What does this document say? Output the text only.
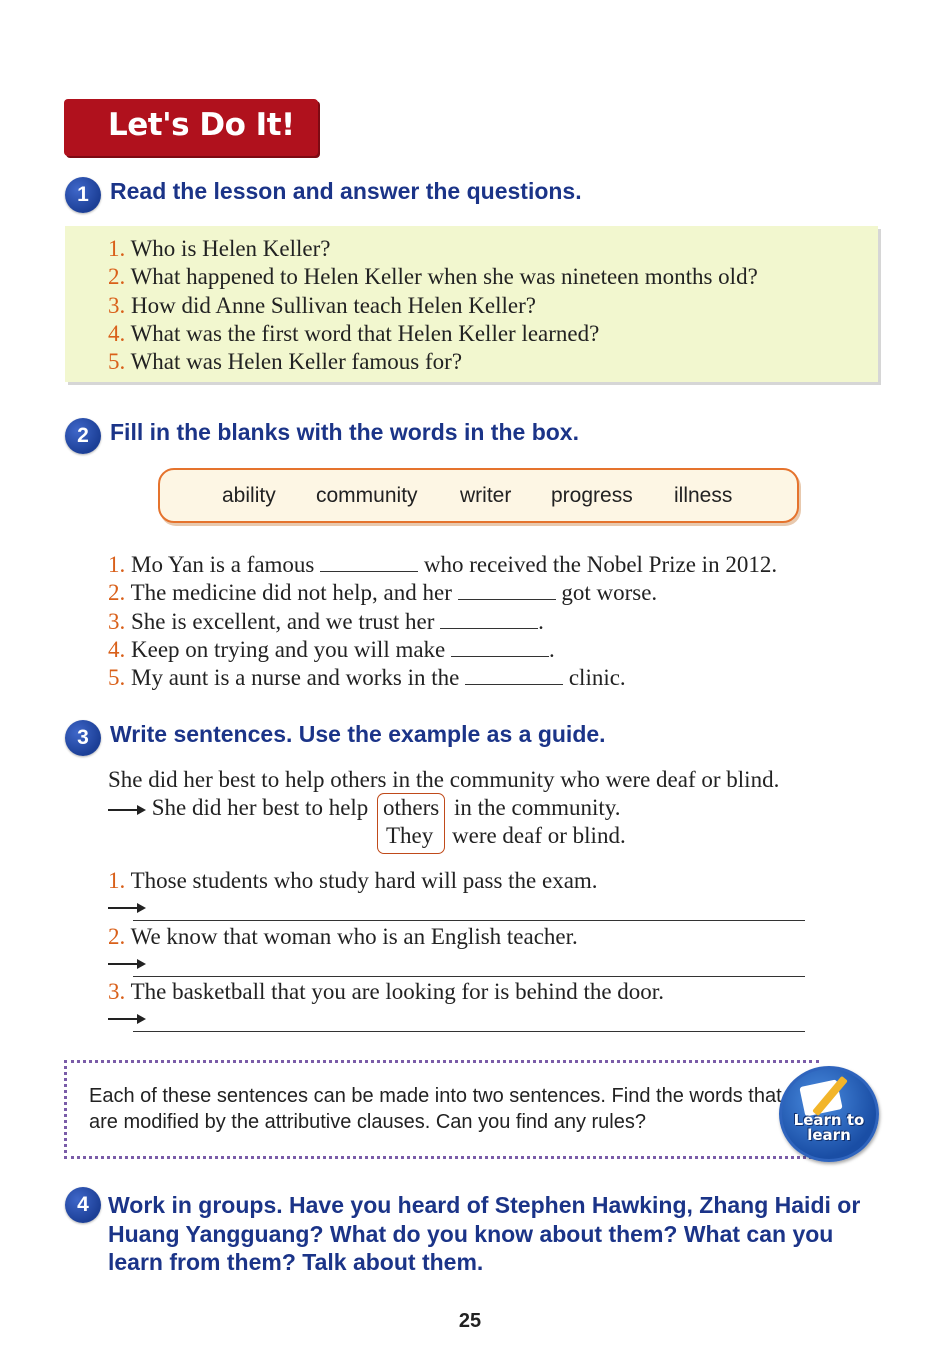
Let's Do It!
1 Read the lesson and answer the questions.
1. Who is Helen Keller?
2. What happened to Helen Keller when she was nineteen months old?
3. How did Anne Sullivan teach Helen Keller?
4. What was the first word that Helen Keller learned?
5. What was Helen Keller famous for?
2 Fill in the blanks with the words in the box.
ability community writer progress illness
1. Mo Yan is a famous	who received the Nobel Prize in 2012.
2. The medicine did not help, and her	got worse.
3. She is excellent, and we trust her	.
4. Keep on trying and you will make	.
5. My aunt is a nurse and works in the	clinic.
3 Write sentences. Use the example as a guide.
She did her best to help others in the community who were deaf or blind.
She did her best to help others in the community.
They were deaf or blind.
1. Those students who study hard will pass the exam.
2. We know that woman who is an English teacher.
3. The basketball that you are looking for is behind the door.
Each of these sentences can be made into two sentences. Find the words that are modified by the attributive clauses. Can you find any rules?	Learn to
learn
4 Work in groups. Have you heard of Stephen Hawking, Zhang Haidi or Huang Yangguang? What do you know about them? What can you learn from them? Talk about them.
25
